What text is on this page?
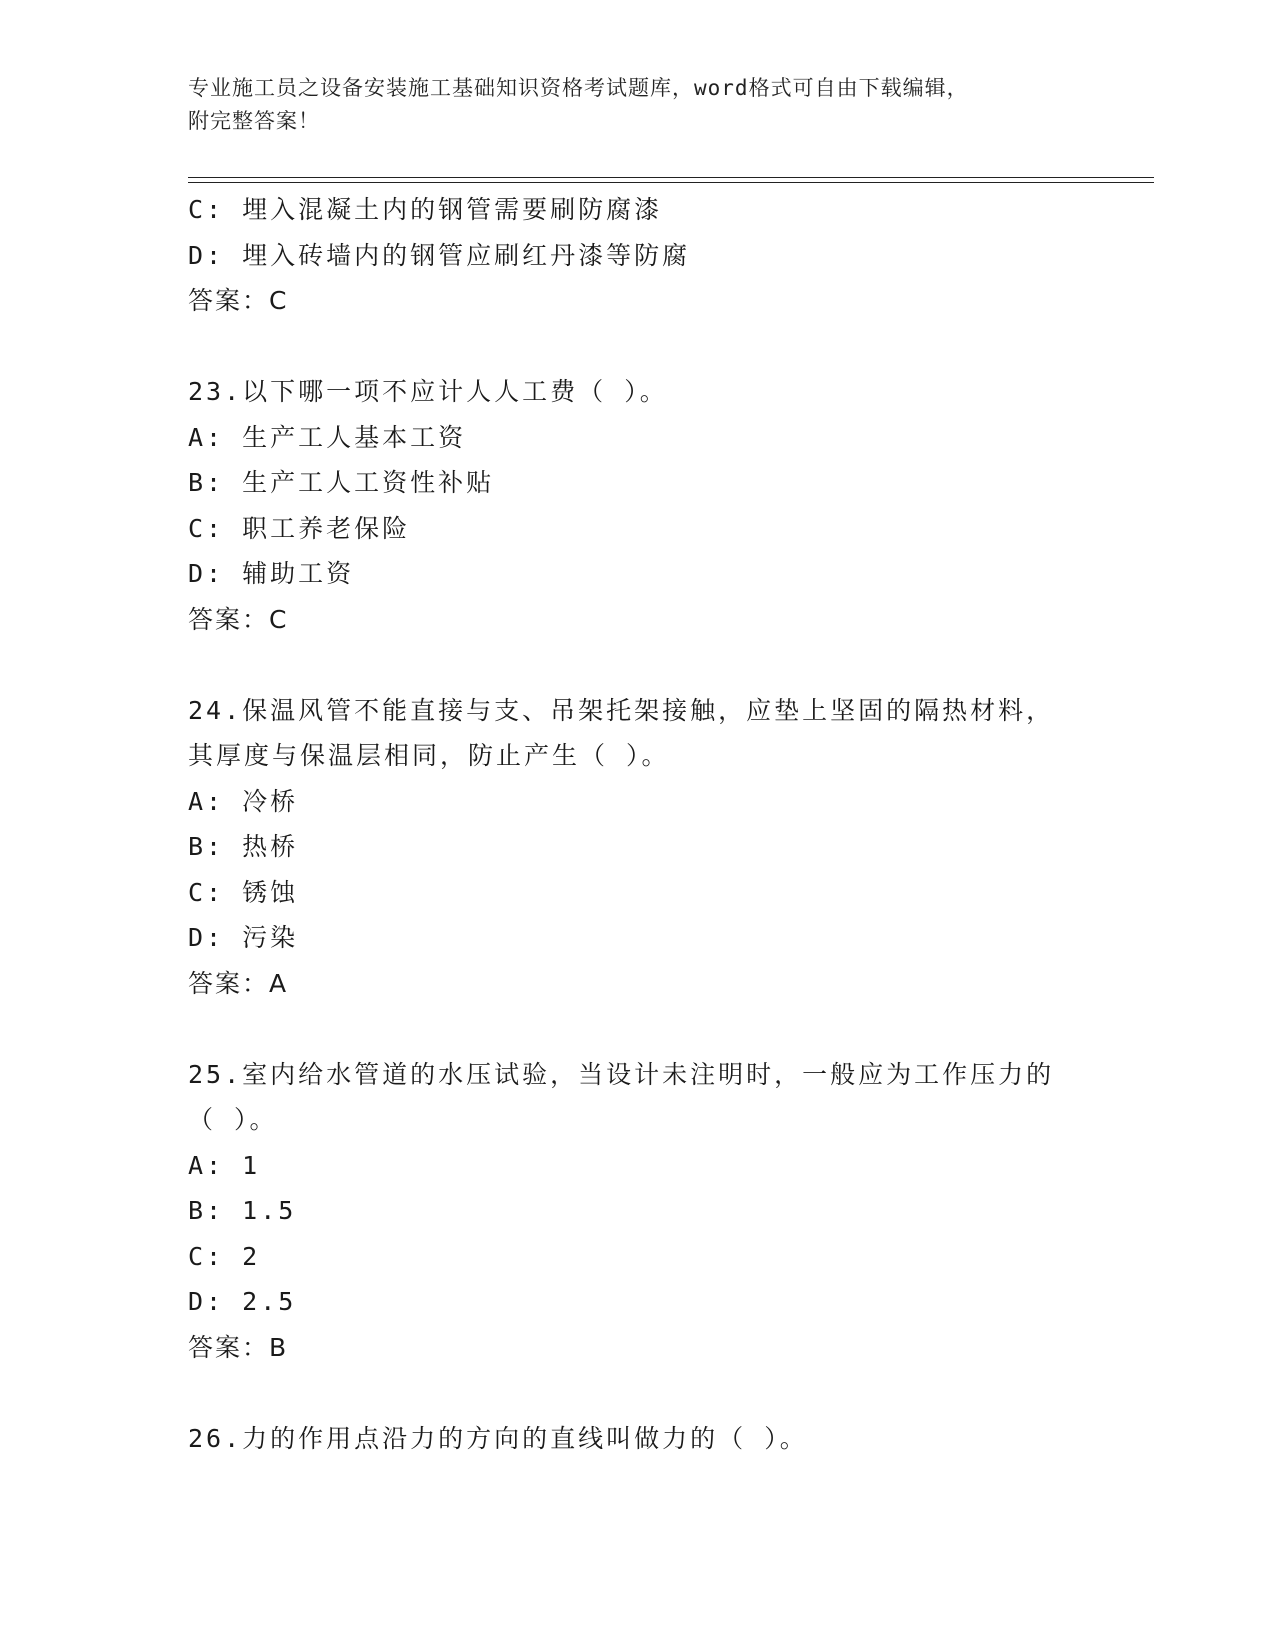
专业施工员之设备安装施工基础知识资格考试题库，word格式可自由下载编辑，
附完整答案！
C: 埋入混凝土内的钢管需要刷防腐漆
D: 埋入砖墙内的钢管应刷红丹漆等防腐
答案：C
23.以下哪一项不应计人人工费（ ）。
A: 生产工人基本工资
B: 生产工人工资性补贴
C: 职工养老保险
D: 辅助工资
答案：C
24.保温风管不能直接与支、吊架托架接触，应垫上坚固的隔热材料，
其厚度与保温层相同，防止产生（ ）。
A: 冷桥
B: 热桥
C: 锈蚀
D: 污染
答案：A
25.室内给水管道的水压试验，当设计未注明时，一般应为工作压力的
（ ）。
A: 1
B: 1.5
C: 2
D: 2.5
答案：B
26.力的作用点沿力的方向的直线叫做力的（ ）。
